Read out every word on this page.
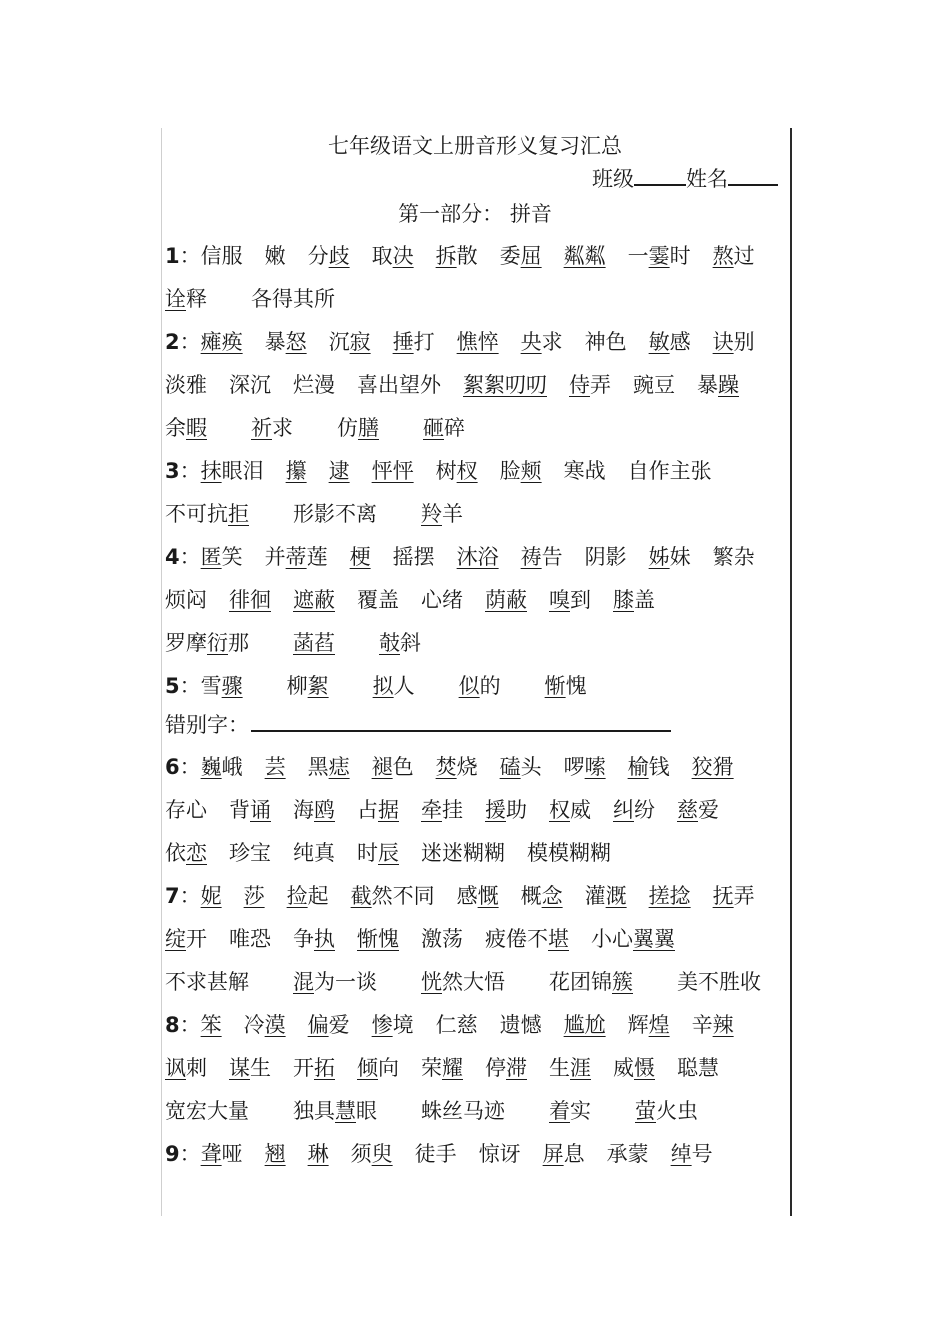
七年级语文上册音形义复习汇总
班级 姓名
第一部分： 拼音
1：信服 嫩 分歧 取决 拆散 委屈 粼粼 一霎时 熬过
诠释 各得其所
2：瘫痪 暴怒 沉寂 捶打 憔悴 央求 神色 敏感 诀别
淡雅 深沉 烂漫 喜出望外 絮絮叨叨 侍弄 豌豆 暴躁
余暇 祈求 仿膳 砸碎
3：抹眼泪 攥 逮 怦怦 树杈 脸颊 寒战 自作主张
不可抗拒 形影不离 羚羊
4：匿笑 并蒂莲 梗 摇摆 沐浴 祷告 阴影 姊妹 繁杂
烦闷 徘徊 遮蔽 覆盖 心绪 荫蔽 嗅到 膝盖
罗摩衍那 菡萏 攲斜
5：雪骤 柳絮 拟人 似的 惭愧
错别字：
6：巍峨 芸 黑痣 褪色 焚烧 磕头 啰嗦 榆钱 狡猾
存心 背诵 海鸥 占据 牵挂 援助 权威 纠纷 慈爱
依恋 珍宝 纯真 时辰 迷迷糊糊 模模糊糊
7：妮 莎 捡起 截然不同 感慨 概念 灌溉 搓捻 抚弄
绽开 唯恐 争执 惭愧 激荡 疲倦不堪 小心翼翼
不求甚解 混为一谈 恍然大悟 花团锦簇 美不胜收
8：笨 冷漠 偏爱 惨境 仁慈 遗憾 尴尬 辉煌 辛辣
讽刺 谋生 开拓 倾向 荣耀 停滞 生涯 威慑 聪慧
宽宏大量 独具慧眼 蛛丝马迹 着实 萤火虫
9：聋哑 翘 琳 须臾 徒手 惊讶 屏息 承蒙 绰号
